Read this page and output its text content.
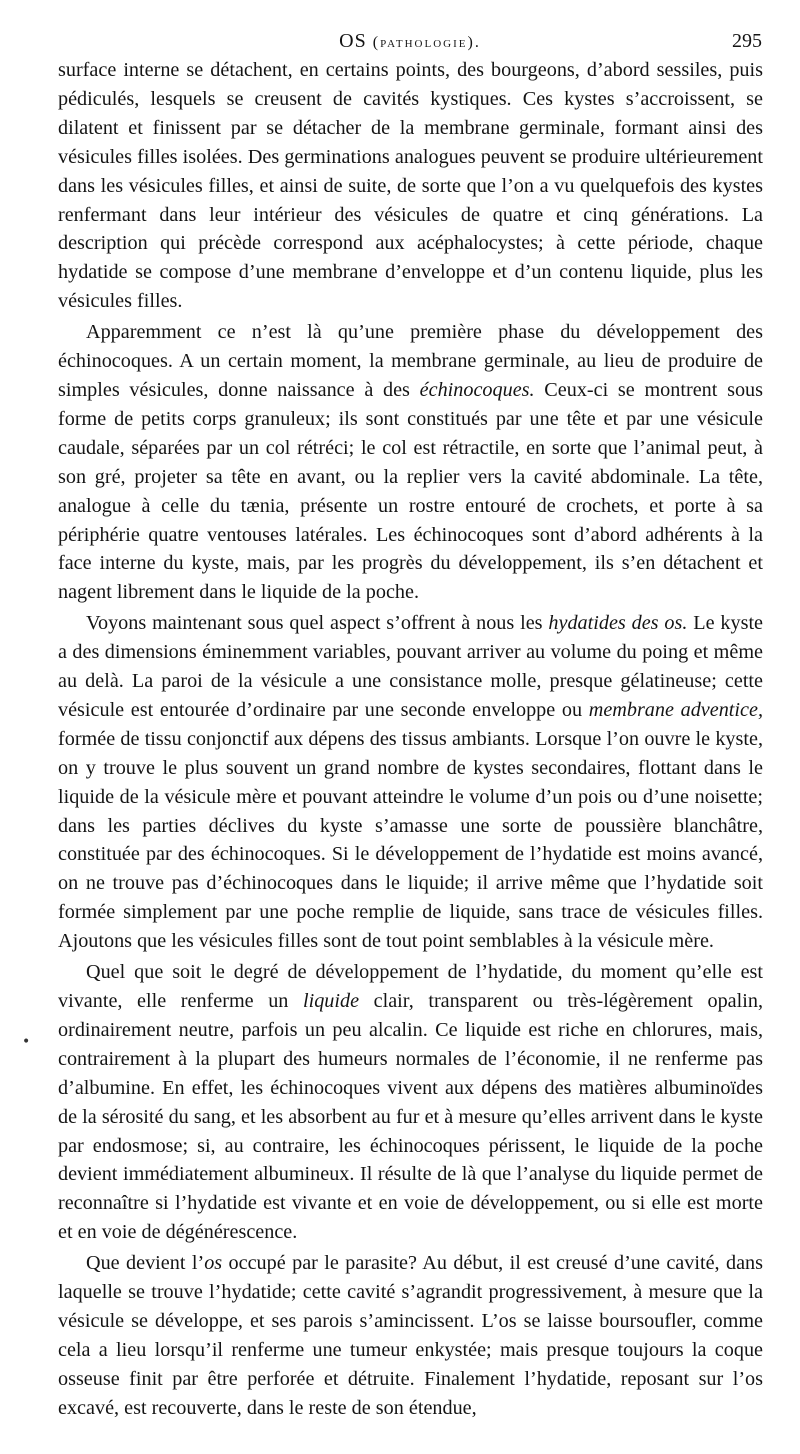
OS (pathologie).	295

surface interne se détachent, en certains points, des bourgeons, d’abord sessiles, puis pédiculés, lesquels se creusent de cavités kystiques. Ces kystes s’accroissent, se dilatent et finissent par se détacher de la membrane germinale, formant ainsi des vésicules filles isolées. Des germinations analogues peuvent se produire ultérieurement dans les vésicules filles, et ainsi de suite, de sorte que l’on a vu quelquefois des kystes renfermant dans leur intérieur des vésicules de quatre et cinq générations. La description qui précède correspond aux acéphalocystes; à cette période, chaque hydatide se compose d’une membrane d’enveloppe et d’un contenu liquide, plus les vésicules filles.

Apparemment ce n’est là qu’une première phase du développement des échinocoques. A un certain moment, la membrane germinale, au lieu de produire de simples vésicules, donne naissance à des échinocoques. Ceux-ci se montrent sous forme de petits corps granuleux; ils sont constitués par une tête et par une vésicule caudale, séparées par un col rétréci; le col est rétractile, en sorte que l’animal peut, à son gré, projeter sa tête en avant, ou la replier vers la cavité abdominale. La tête, analogue à celle du tænia, présente un rostre entouré de crochets, et porte à sa périphérie quatre ventouses latérales. Les échinocoques sont d’abord adhérents à la face interne du kyste, mais, par les progrès du développement, ils s’en détachent et nagent librement dans le liquide de la poche.

Voyons maintenant sous quel aspect s’offrent à nous les hydatides des os. Le kyste a des dimensions éminemment variables, pouvant arriver au volume du poing et même au delà. La paroi de la vésicule a une consistance molle, presque gélatineuse; cette vésicule est entourée d’ordinaire par une seconde enveloppe ou membrane adventice, formée de tissu conjonctif aux dépens des tissus ambiants. Lorsque l’on ouvre le kyste, on y trouve le plus souvent un grand nombre de kystes secondaires, flottant dans le liquide de la vésicule mère et pouvant atteindre le volume d’un pois ou d’une noisette; dans les parties déclives du kyste s’amasse une sorte de poussière blanchâtre, constituée par des échinocoques. Si le développement de l’hydatide est moins avancé, on ne trouve pas d’échinocoques dans le liquide; il arrive même que l’hydatide soit formée simplement par une poche remplie de liquide, sans trace de vésicules filles. Ajoutons que les vésicules filles sont de tout point semblables à la vésicule mère.

Quel que soit le degré de développement de l’hydatide, du moment qu’elle est vivante, elle renferme un liquide clair, transparent ou très-légèrement opalin, ordinairement neutre, parfois un peu alcalin. Ce liquide est riche en chlorures, mais, contrairement à la plupart des humeurs normales de l’économie, il ne renferme pas d’albumine. En effet, les échinocoques vivent aux dépens des matières albuminoïdes de la sérosité du sang, et les absorbent au fur et à mesure qu’elles arrivent dans le kyste par endosmose; si, au contraire, les échinocoques périssent, le liquide de la poche devient immédiatement albumineux. Il résulte de là que l’analyse du liquide permet de reconnaître si l’hydatide est vivante et en voie de développement, ou si elle est morte et en voie de dégénérescence.

Que devient l’os occupé par le parasite? Au début, il est creusé d’une cavité, dans laquelle se trouve l’hydatide; cette cavité s’agrandit progressivement, à mesure que la vésicule se développe, et ses parois s’amincissent. L’os se laisse boursoufler, comme cela a lieu lorsqu’il renferme une tumeur enkystée; mais presque toujours la coque osseuse finit par être perforée et détruite. Finalement l’hydatide, reposant sur l’os excavé, est recouverte, dans le reste de son étendue,

•
